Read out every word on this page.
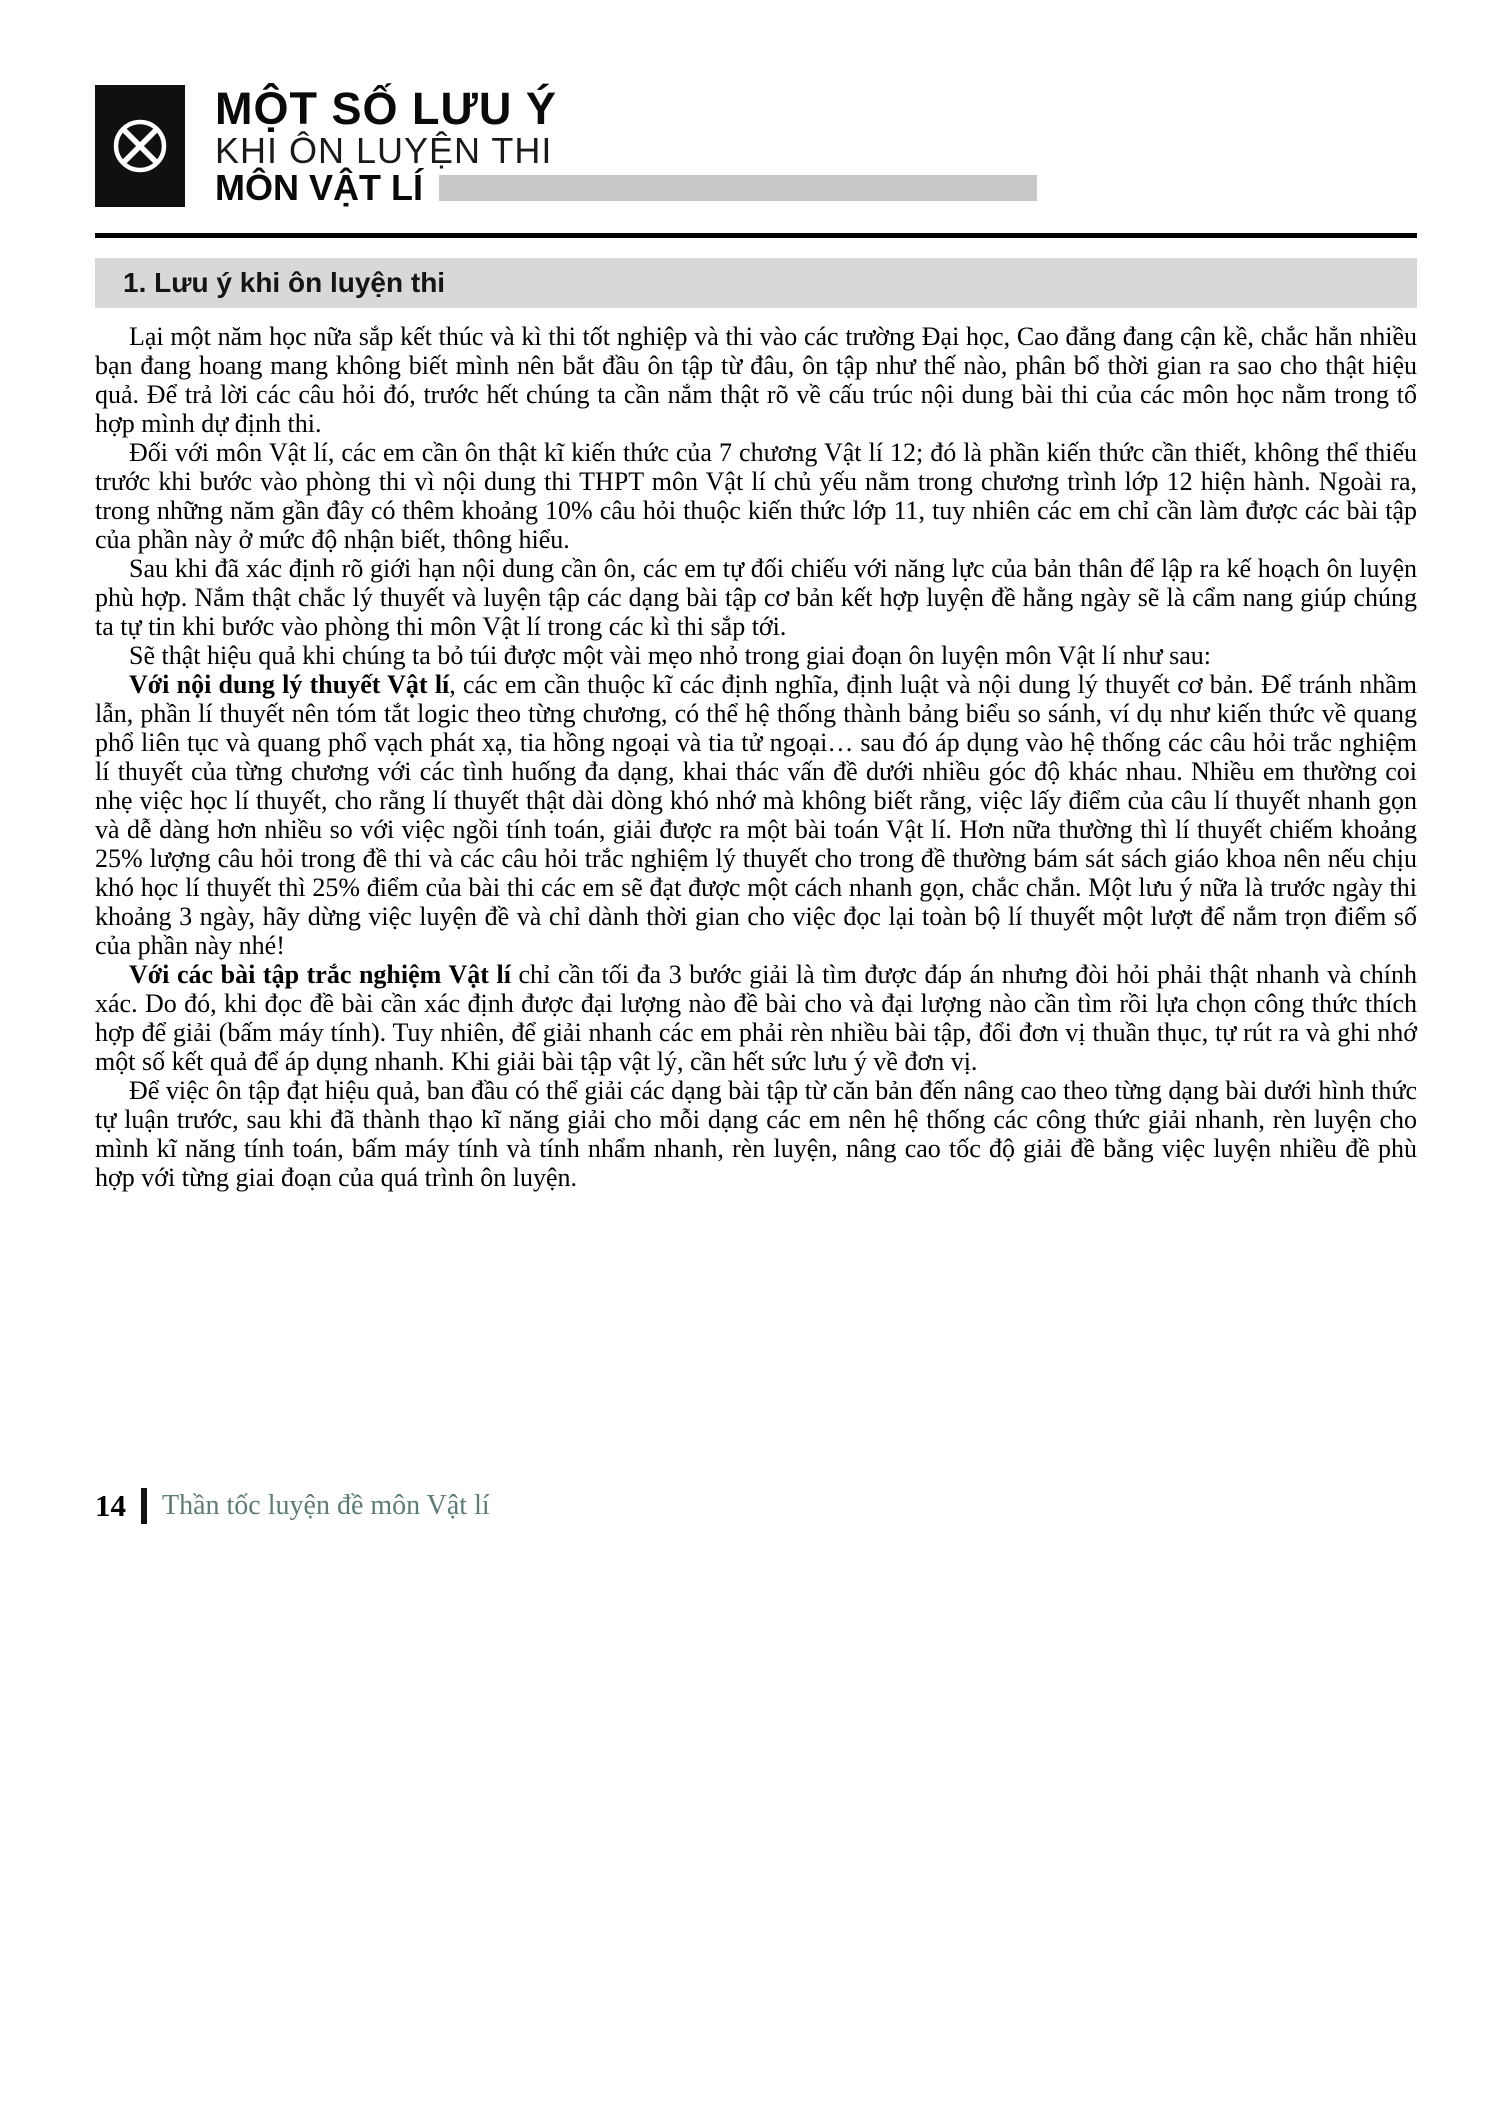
MỘT SỐ LƯU Ý
KHI ÔN LUYỆN THI
MÔN VẬT LÍ
1. Lưu ý khi ôn luyện thi

Lại một năm học nữa sắp kết thúc và kì thi tốt nghiệp và thi vào các trường Đại học, Cao đẳng đang cận kề, chắc hẳn nhiều bạn đang hoang mang không biết mình nên bắt đầu ôn tập từ đâu, ôn tập như thế nào, phân bổ thời gian ra sao cho thật hiệu quả. Để trả lời các câu hỏi đó, trước hết chúng ta cần nắm thật rõ về cấu trúc nội dung bài thi của các môn học nằm trong tổ hợp mình dự định thi.

Đối với môn Vật lí, các em cần ôn thật kĩ kiến thức của 7 chương Vật lí 12; đó là phần kiến thức cần thiết, không thể thiếu trước khi bước vào phòng thi vì nội dung thi THPT môn Vật lí chủ yếu nằm trong chương trình lớp 12 hiện hành. Ngoài ra, trong những năm gần đây có thêm khoảng 10% câu hỏi thuộc kiến thức lớp 11, tuy nhiên các em chỉ cần làm được các bài tập của phần này ở mức độ nhận biết, thông hiểu.

Sau khi đã xác định rõ giới hạn nội dung cần ôn, các em tự đối chiếu với năng lực của bản thân để lập ra kế hoạch ôn luyện phù hợp. Nắm thật chắc lý thuyết và luyện tập các dạng bài tập cơ bản kết hợp luyện đề hằng ngày sẽ là cẩm nang giúp chúng ta tự tin khi bước vào phòng thi môn Vật lí trong các kì thi sắp tới.

Sẽ thật hiệu quả khi chúng ta bỏ túi được một vài mẹo nhỏ trong giai đoạn ôn luyện môn Vật lí như sau:

Với nội dung lý thuyết Vật lí, các em cần thuộc kĩ các định nghĩa, định luật và nội dung lý thuyết cơ bản. Để tránh nhầm lẫn, phần lí thuyết nên tóm tắt logic theo từng chương, có thể hệ thống thành bảng biểu so sánh, ví dụ như kiến thức về quang phổ liên tục và quang phổ vạch phát xạ, tia hồng ngoại và tia tử ngoại… sau đó áp dụng vào hệ thống các câu hỏi trắc nghiệm lí thuyết của từng chương với các tình huống đa dạng, khai thác vấn đề dưới nhiều góc độ khác nhau. Nhiều em thường coi nhẹ việc học lí thuyết, cho rằng lí thuyết thật dài dòng khó nhớ mà không biết rằng, việc lấy điểm của câu lí thuyết nhanh gọn và dễ dàng hơn nhiều so với việc ngồi tính toán, giải được ra một bài toán Vật lí. Hơn nữa thường thì lí thuyết chiếm khoảng 25% lượng câu hỏi trong đề thi và các câu hỏi trắc nghiệm lý thuyết cho trong đề thường bám sát sách giáo khoa nên nếu chịu khó học lí thuyết thì 25% điểm của bài thi các em sẽ đạt được một cách nhanh gọn, chắc chắn. Một lưu ý nữa là trước ngày thi khoảng 3 ngày, hãy dừng việc luyện đề và chỉ dành thời gian cho việc đọc lại toàn bộ lí thuyết một lượt để nắm trọn điểm số của phần này nhé!

Với các bài tập trắc nghiệm Vật lí chỉ cần tối đa 3 bước giải là tìm được đáp án nhưng đòi hỏi phải thật nhanh và chính xác. Do đó, khi đọc đề bài cần xác định được đại lượng nào đề bài cho và đại lượng nào cần tìm rồi lựa chọn công thức thích hợp để giải (bấm máy tính). Tuy nhiên, để giải nhanh các em phải rèn nhiều bài tập, đổi đơn vị thuần thục, tự rút ra và ghi nhớ một số kết quả để áp dụng nhanh. Khi giải bài tập vật lý, cần hết sức lưu ý về đơn vị.

Để việc ôn tập đạt hiệu quả, ban đầu có thể giải các dạng bài tập từ căn bản đến nâng cao theo từng dạng bài dưới hình thức tự luận trước, sau khi đã thành thạo kĩ năng giải cho mỗi dạng các em nên hệ thống các công thức giải nhanh, rèn luyện cho mình kĩ năng tính toán, bấm máy tính và tính nhẩm nhanh, rèn luyện, nâng cao tốc độ giải đề bằng việc luyện nhiều đề phù hợp với từng giai đoạn của quá trình ôn luyện.

14 Thần tốc luyện đề môn Vật lí
